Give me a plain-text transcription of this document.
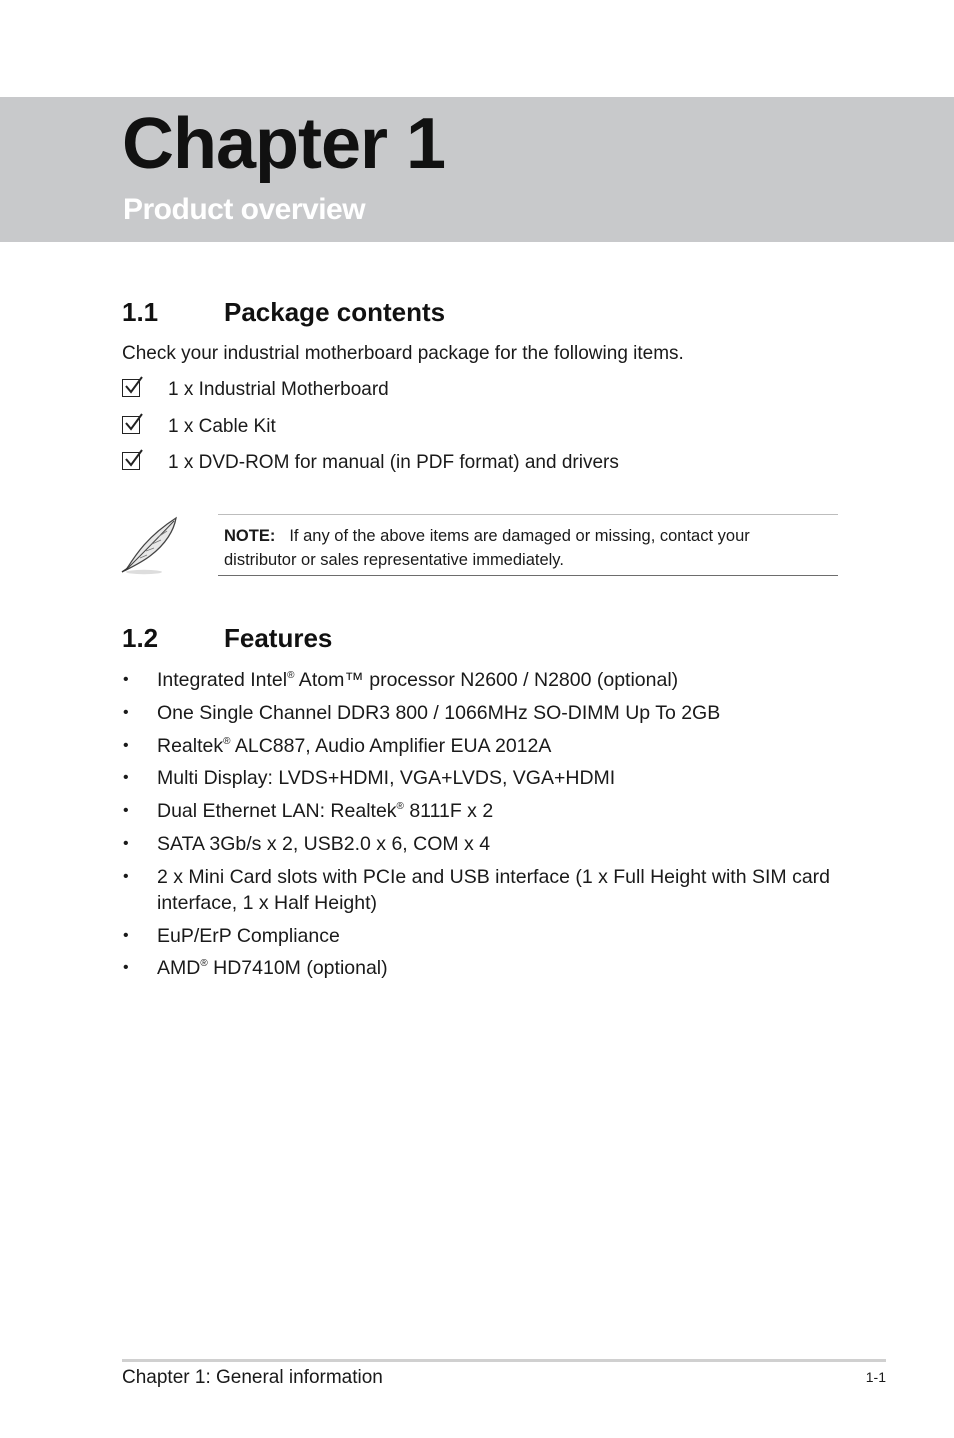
Chapter 1
Product overview
1.1	Package contents
Check your industrial motherboard package for the following items.
1 x Industrial Motherboard
1 x Cable Kit
1 x DVD-ROM for manual (in PDF format) and drivers
NOTE: If any of the above items are damaged or missing, contact your distributor or sales representative immediately.
1.2	Features
• Integrated Intel® Atom™ processor N2600 / N2800 (optional)
• One Single Channel DDR3 800 / 1066MHz SO-DIMM Up To 2GB
• Realtek® ALC887, Audio Amplifier EUA 2012A
• Multi Display: LVDS+HDMI, VGA+LVDS, VGA+HDMI
• Dual Ethernet LAN: Realtek® 8111F x 2
• SATA 3Gb/s x 2, USB2.0 x 6, COM x 4
• 2 x Mini Card slots with PCIe and USB interface (1 x Full Height with SIM card interface, 1 x Half Height)
• EuP/ErP Compliance
• AMD® HD7410M (optional)
Chapter 1: General information	1-1
